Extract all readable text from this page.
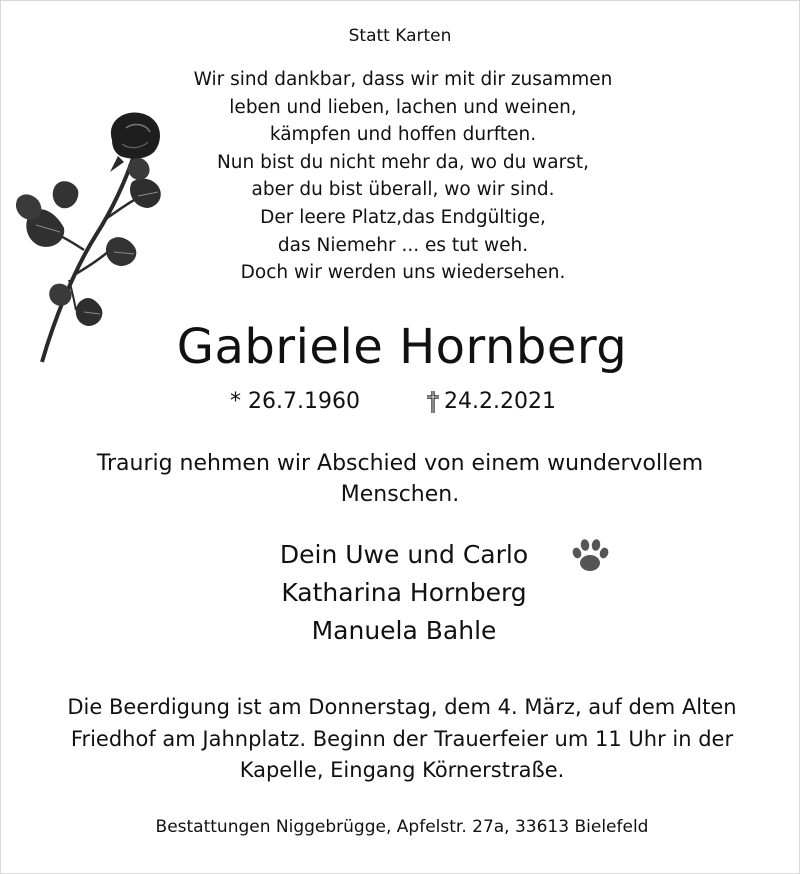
Statt Karten
Wir sind dankbar, dass wir mit dir zusammen
leben und lieben, lachen und weinen,
kämpfen und hoffen durften.
Nun bist du nicht mehr da, wo du warst,
aber du bist überall, wo wir sind.
Der leere Platz,das Endgültige,
das Niemehr ... es tut weh.
Doch wir werden uns wiedersehen.
Gabriele Hornberg
* 26.7.1960	24.2.2021
Traurig nehmen wir Abschied von einem wundervollem
Menschen.
Dein Uwe und Carlo
Katharina Hornberg
Manuela Bahle
Die Beerdigung ist am Donnerstag, dem 4. März, auf dem Alten
Friedhof am Jahnplatz. Beginn der Trauerfeier um 11 Uhr in der
Kapelle, Eingang Körnerstraße.
Bestattungen Niggebrügge, Apfelstr. 27a, 33613 Bielefeld
